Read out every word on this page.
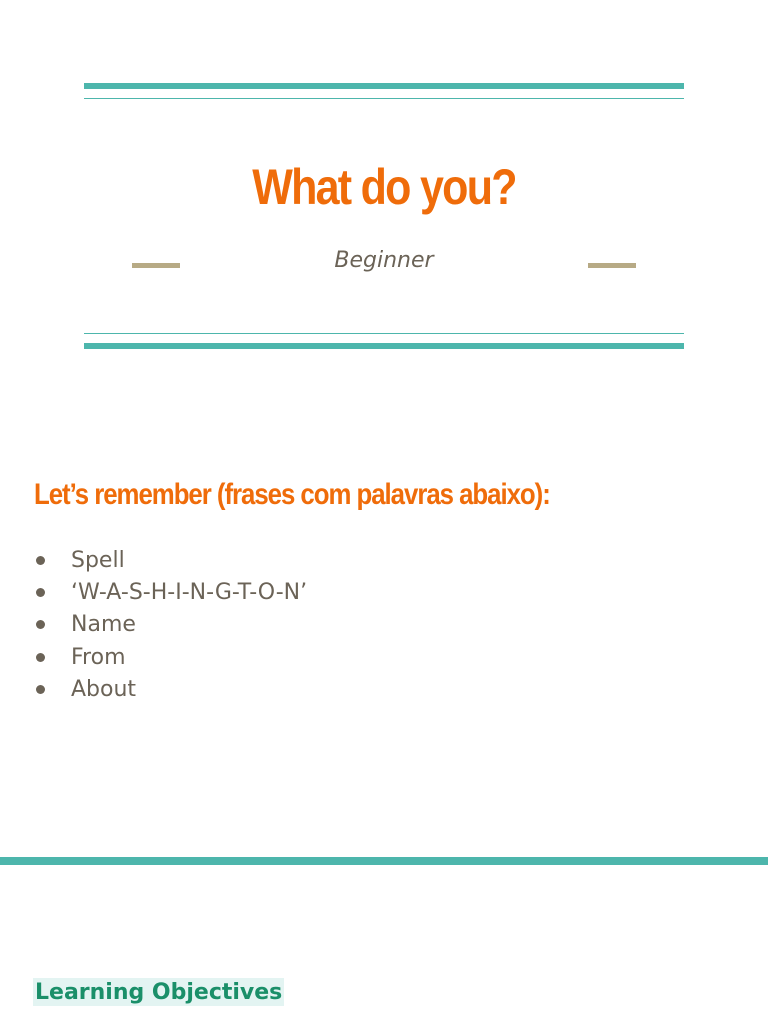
What do you?
Beginner
Let’s remember (frases com palavras abaixo):
Spell
‘W-A-S-H-I-N-G-T-O-N’
Name
From
About
Learning Objectives
